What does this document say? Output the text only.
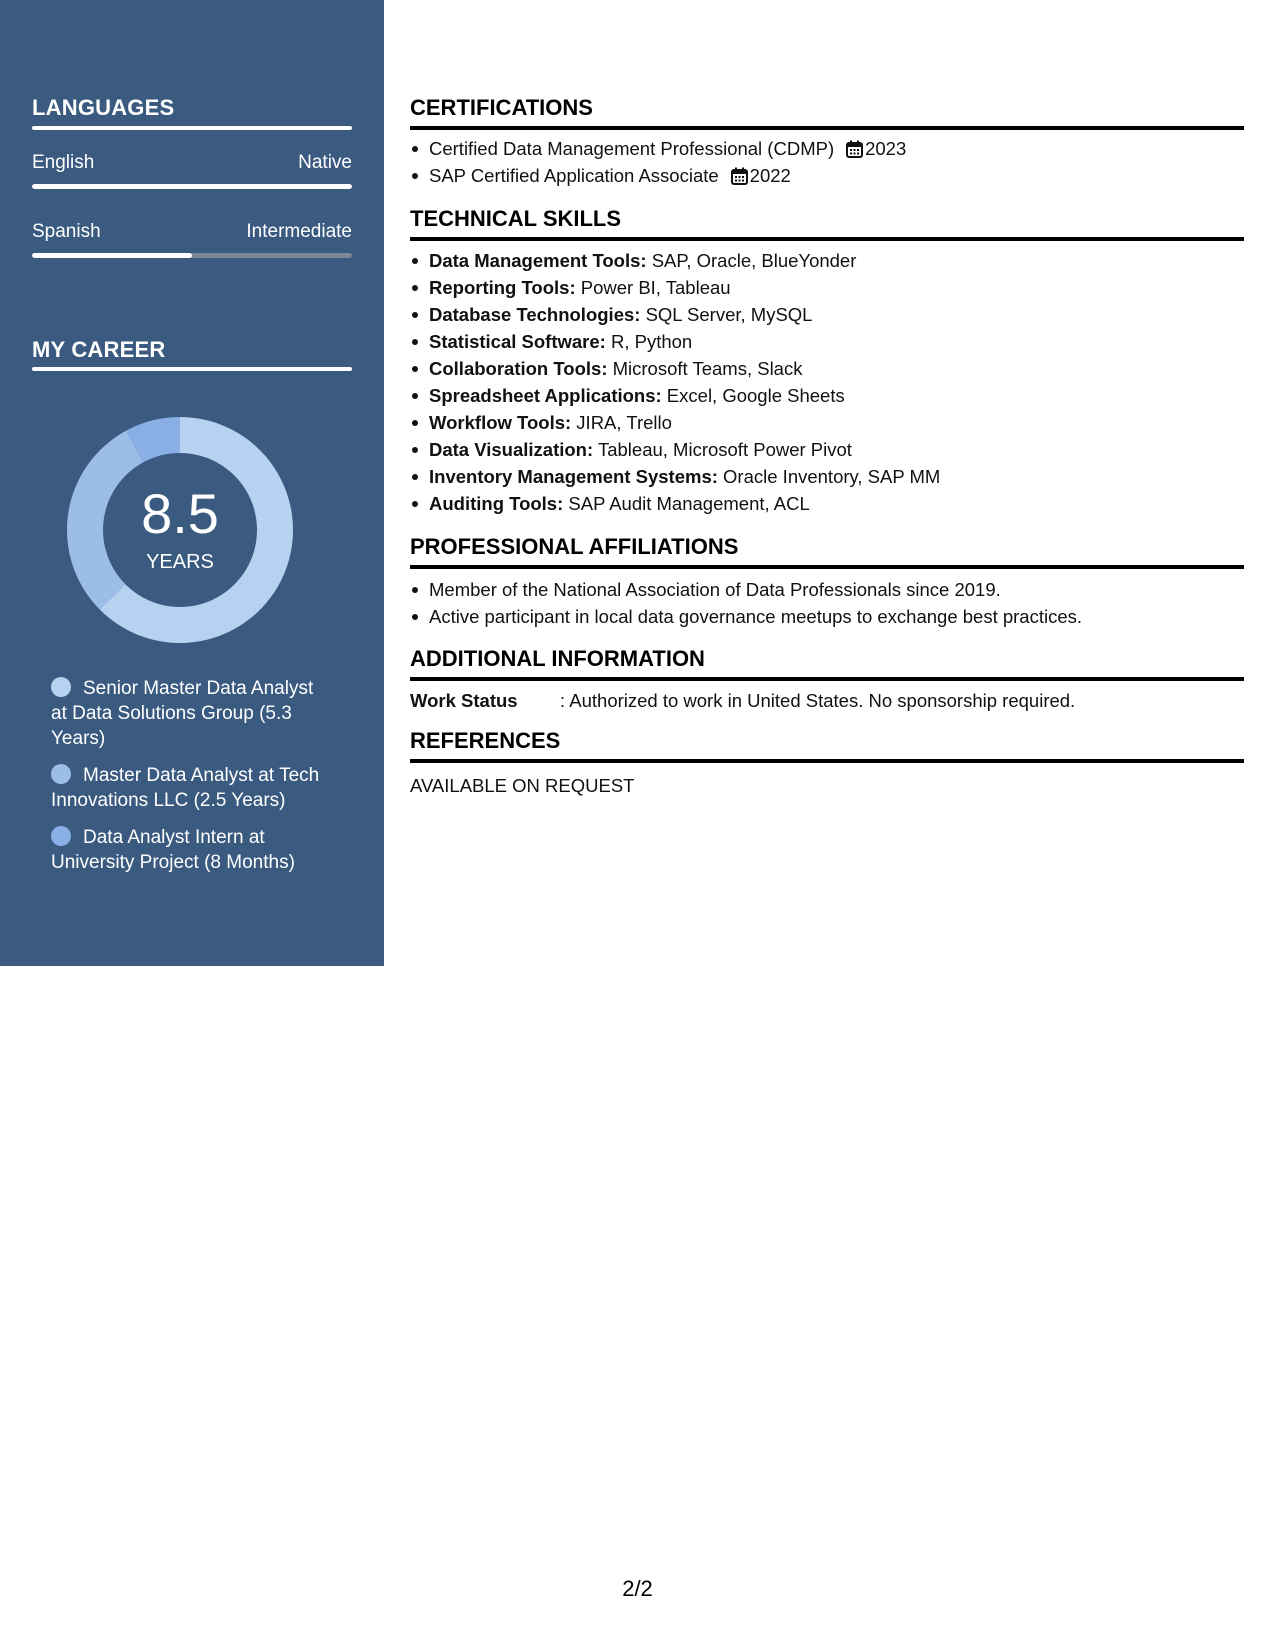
LANGUAGES
English	Native
Spanish	Intermediate
MY CAREER
8.5
YEARS
Senior Master Data Analyst at Data Solutions Group (5.3 Years)
Master Data Analyst at Tech Innovations LLC (2.5 Years)
Data Analyst Intern at University Project (8 Months)
CERTIFICATIONS
Certified Data Management Professional (CDMP) 2023
SAP Certified Application Associate 2022
TECHNICAL SKILLS
Data Management Tools: SAP, Oracle, BlueYonder
Reporting Tools: Power BI, Tableau
Database Technologies: SQL Server, MySQL
Statistical Software: R, Python
Collaboration Tools: Microsoft Teams, Slack
Spreadsheet Applications: Excel, Google Sheets
Workflow Tools: JIRA, Trello
Data Visualization: Tableau, Microsoft Power Pivot
Inventory Management Systems: Oracle Inventory, SAP MM
Auditing Tools: SAP Audit Management, ACL
PROFESSIONAL AFFILIATIONS
Member of the National Association of Data Professionals since 2019.
Active participant in local data governance meetups to exchange best practices.
ADDITIONAL INFORMATION
Work Status : Authorized to work in United States. No sponsorship required.
REFERENCES
AVAILABLE ON REQUEST
2/2
